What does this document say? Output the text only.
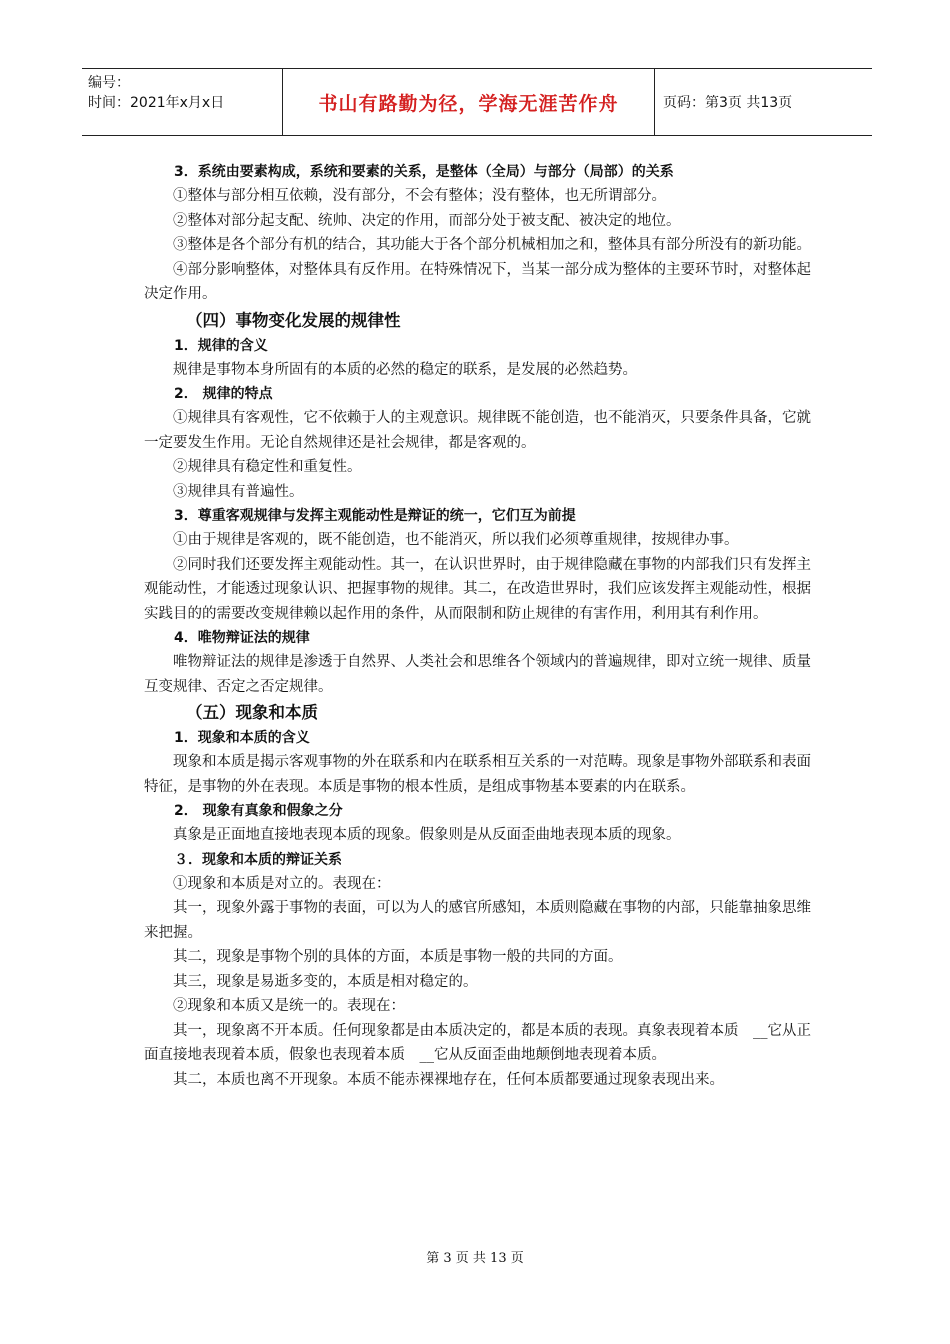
编号：
时间：2021年x月x日	书山有路勤为径，学海无涯苦作舟	页码：第3页 共13页

3．系统由要素构成，系统和要素的关系，是整体（全局）与部分（局部）的关系

①整体与部分相互依赖，没有部分，不会有整体；没有整体，也无所谓部分。

②整体对部分起支配、统帅、决定的作用，而部分处于被支配、被决定的地位。

③整体是各个部分有机的结合，其功能大于各个部分机械相加之和，整体具有部分所没有的新功能。

④部分影响整体，对整体具有反作用。在特殊情况下，当某一部分成为整体的主要环节时，对整体起决定作用。

（四）事物变化发展的规律性

1．规律的含义

规律是事物本身所固有的本质的必然的稳定的联系，是发展的必然趋势。

2． 规律的特点

①规律具有客观性，它不依赖于人的主观意识。规律既不能创造，也不能消灭，只要条件具备，它就一定要发生作用。无论自然规律还是社会规律，都是客观的。

②规律具有稳定性和重复性。

③规律具有普遍性。

3．尊重客观规律与发挥主观能动性是辩证的统一，它们互为前提

①由于规律是客观的，既不能创造，也不能消灭，所以我们必须尊重规律，按规律办事。

②同时我们还要发挥主观能动性。其一，在认识世界时，由于规律隐藏在事物的内部我们只有发挥主观能动性，才能透过现象认识、把握事物的规律。其二，在改造世界时，我们应该发挥主观能动性，根据实践目的的需要改变规律赖以起作用的条件，从而限制和防止规律的有害作用，利用其有利作用。

4．唯物辩证法的规律

唯物辩证法的规律是渗透于自然界、人类社会和思维各个领域内的普遍规律，即对立统一规律、质量互变规律、否定之否定规律。

（五）现象和本质

1．现象和本质的含义

现象和本质是揭示客观事物的外在联系和内在联系相互关系的一对范畴。现象是事物外部联系和表面特征，是事物的外在表现。本质是事物的根本性质，是组成事物基本要素的内在联系。

2． 现象有真象和假象之分

真象是正面地直接地表现本质的现象。假象则是从反面歪曲地表现本质的现象。

３．现象和本质的辩证关系

①现象和本质是对立的。表现在：

其一，现象外露于事物的表面，可以为人的感官所感知，本质则隐藏在事物的内部，只能靠抽象思维来把握。

其二，现象是事物个别的具体的方面，本质是事物一般的共同的方面。

其三，现象是易逝多变的，本质是相对稳定的。

②现象和本质又是统一的。表现在：

其一，现象离不开本质。任何现象都是由本质决定的，都是本质的表现。真象表现着本质　__它从正面直接地表现着本质，假象也表现着本质　__它从反面歪曲地颠倒地表现着本质。

其二，本质也离不开现象。本质不能赤裸裸地存在，任何本质都要通过现象表现出来。

第 3 页 共 13 页
